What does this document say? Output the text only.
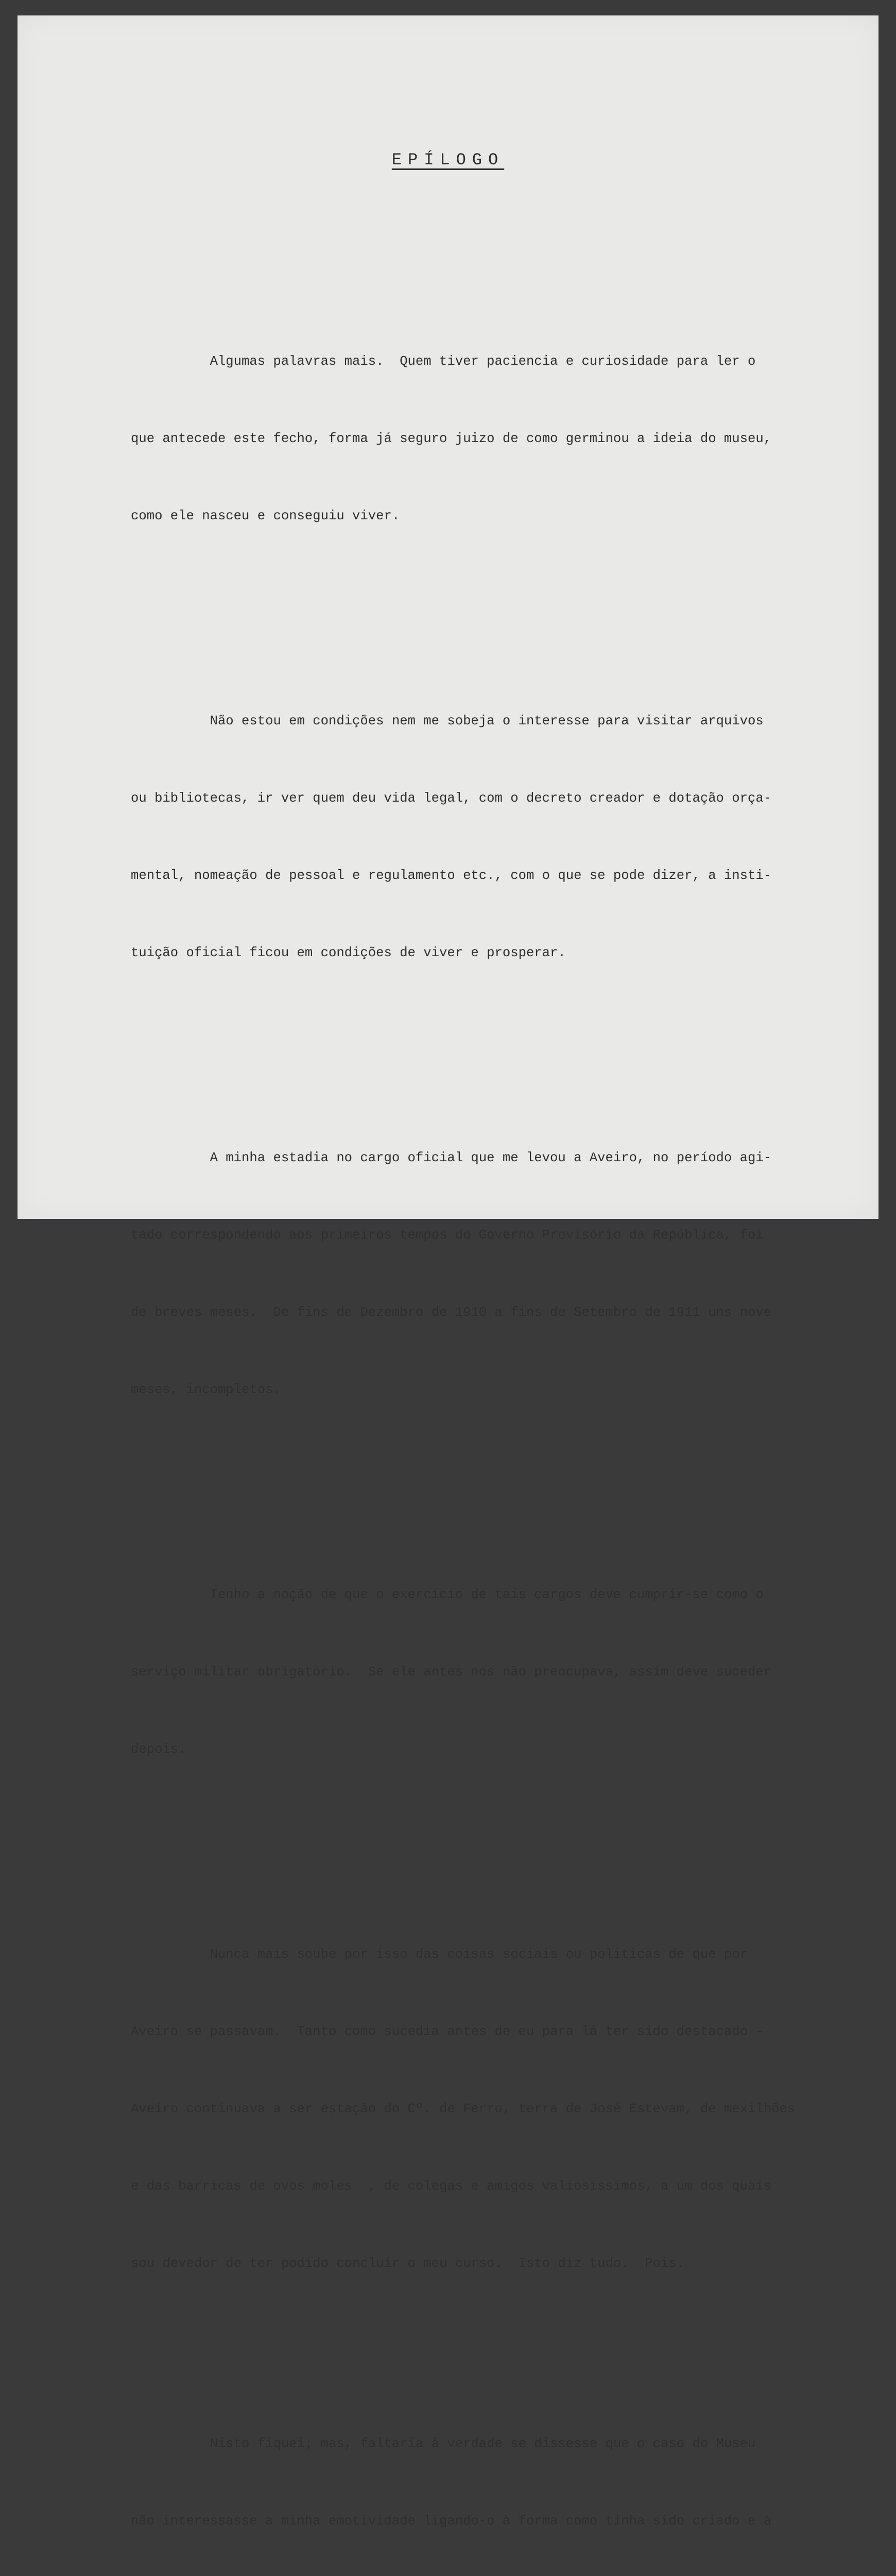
EPÍLOGO

Algumas palavras mais.  Quem tiver paciencia e curiosidade para ler o

que antecede este fecho, forma já seguro juizo de como germinou a ideia do museu,

como ele nasceu e conseguiu viver.

Não estou em condições nem me sobeja o interesse para visitar arquivos

ou bibliotecas, ir ver quem deu vida legal, com o decreto creador e dotação orça-

mental, nomeação de pessoal e regulamento etc., com o que se pode dizer, a insti-

tuição oficial ficou em condições de viver e prosperar.

A minha estadia no cargo oficial que me levou a Aveiro, no período agi-

tado correspondendo aos primeiros tempos do Governo Provisório da República, foi

de breves meses.  De fins de Dezembro de 1910 a fins de Setembro de 1911 uns nove

meses, incompletos.

Tenho a noção de que o exercício de tais cargos deve cumprir-se como o

serviço militar obrigatório.  Se ele antes nos não preocupava, assim deve suceder

depois.

Nunca mais soube por isso das coisas sociais ou politicas de que por

Aveiro se passavam.  Tanto como sucedia antes de eu para lá ter sido destacado -

Aveiro continuava a ser estação do Cº. de Ferro, terra de José Estevam, de mexilhões

e das barricas de ovos moles  , de colegas e amigos valiosissimos, a um dos quais

sou devedor de ter podido concluir o meu curso.  Isto diz tudo.  Pois.

Nisto fiquei; mas, faltaria à verdade se dissesse que o caso do Museu

não interessasse a minha emotividade ligando-o à forma como tinha sido criado e à
